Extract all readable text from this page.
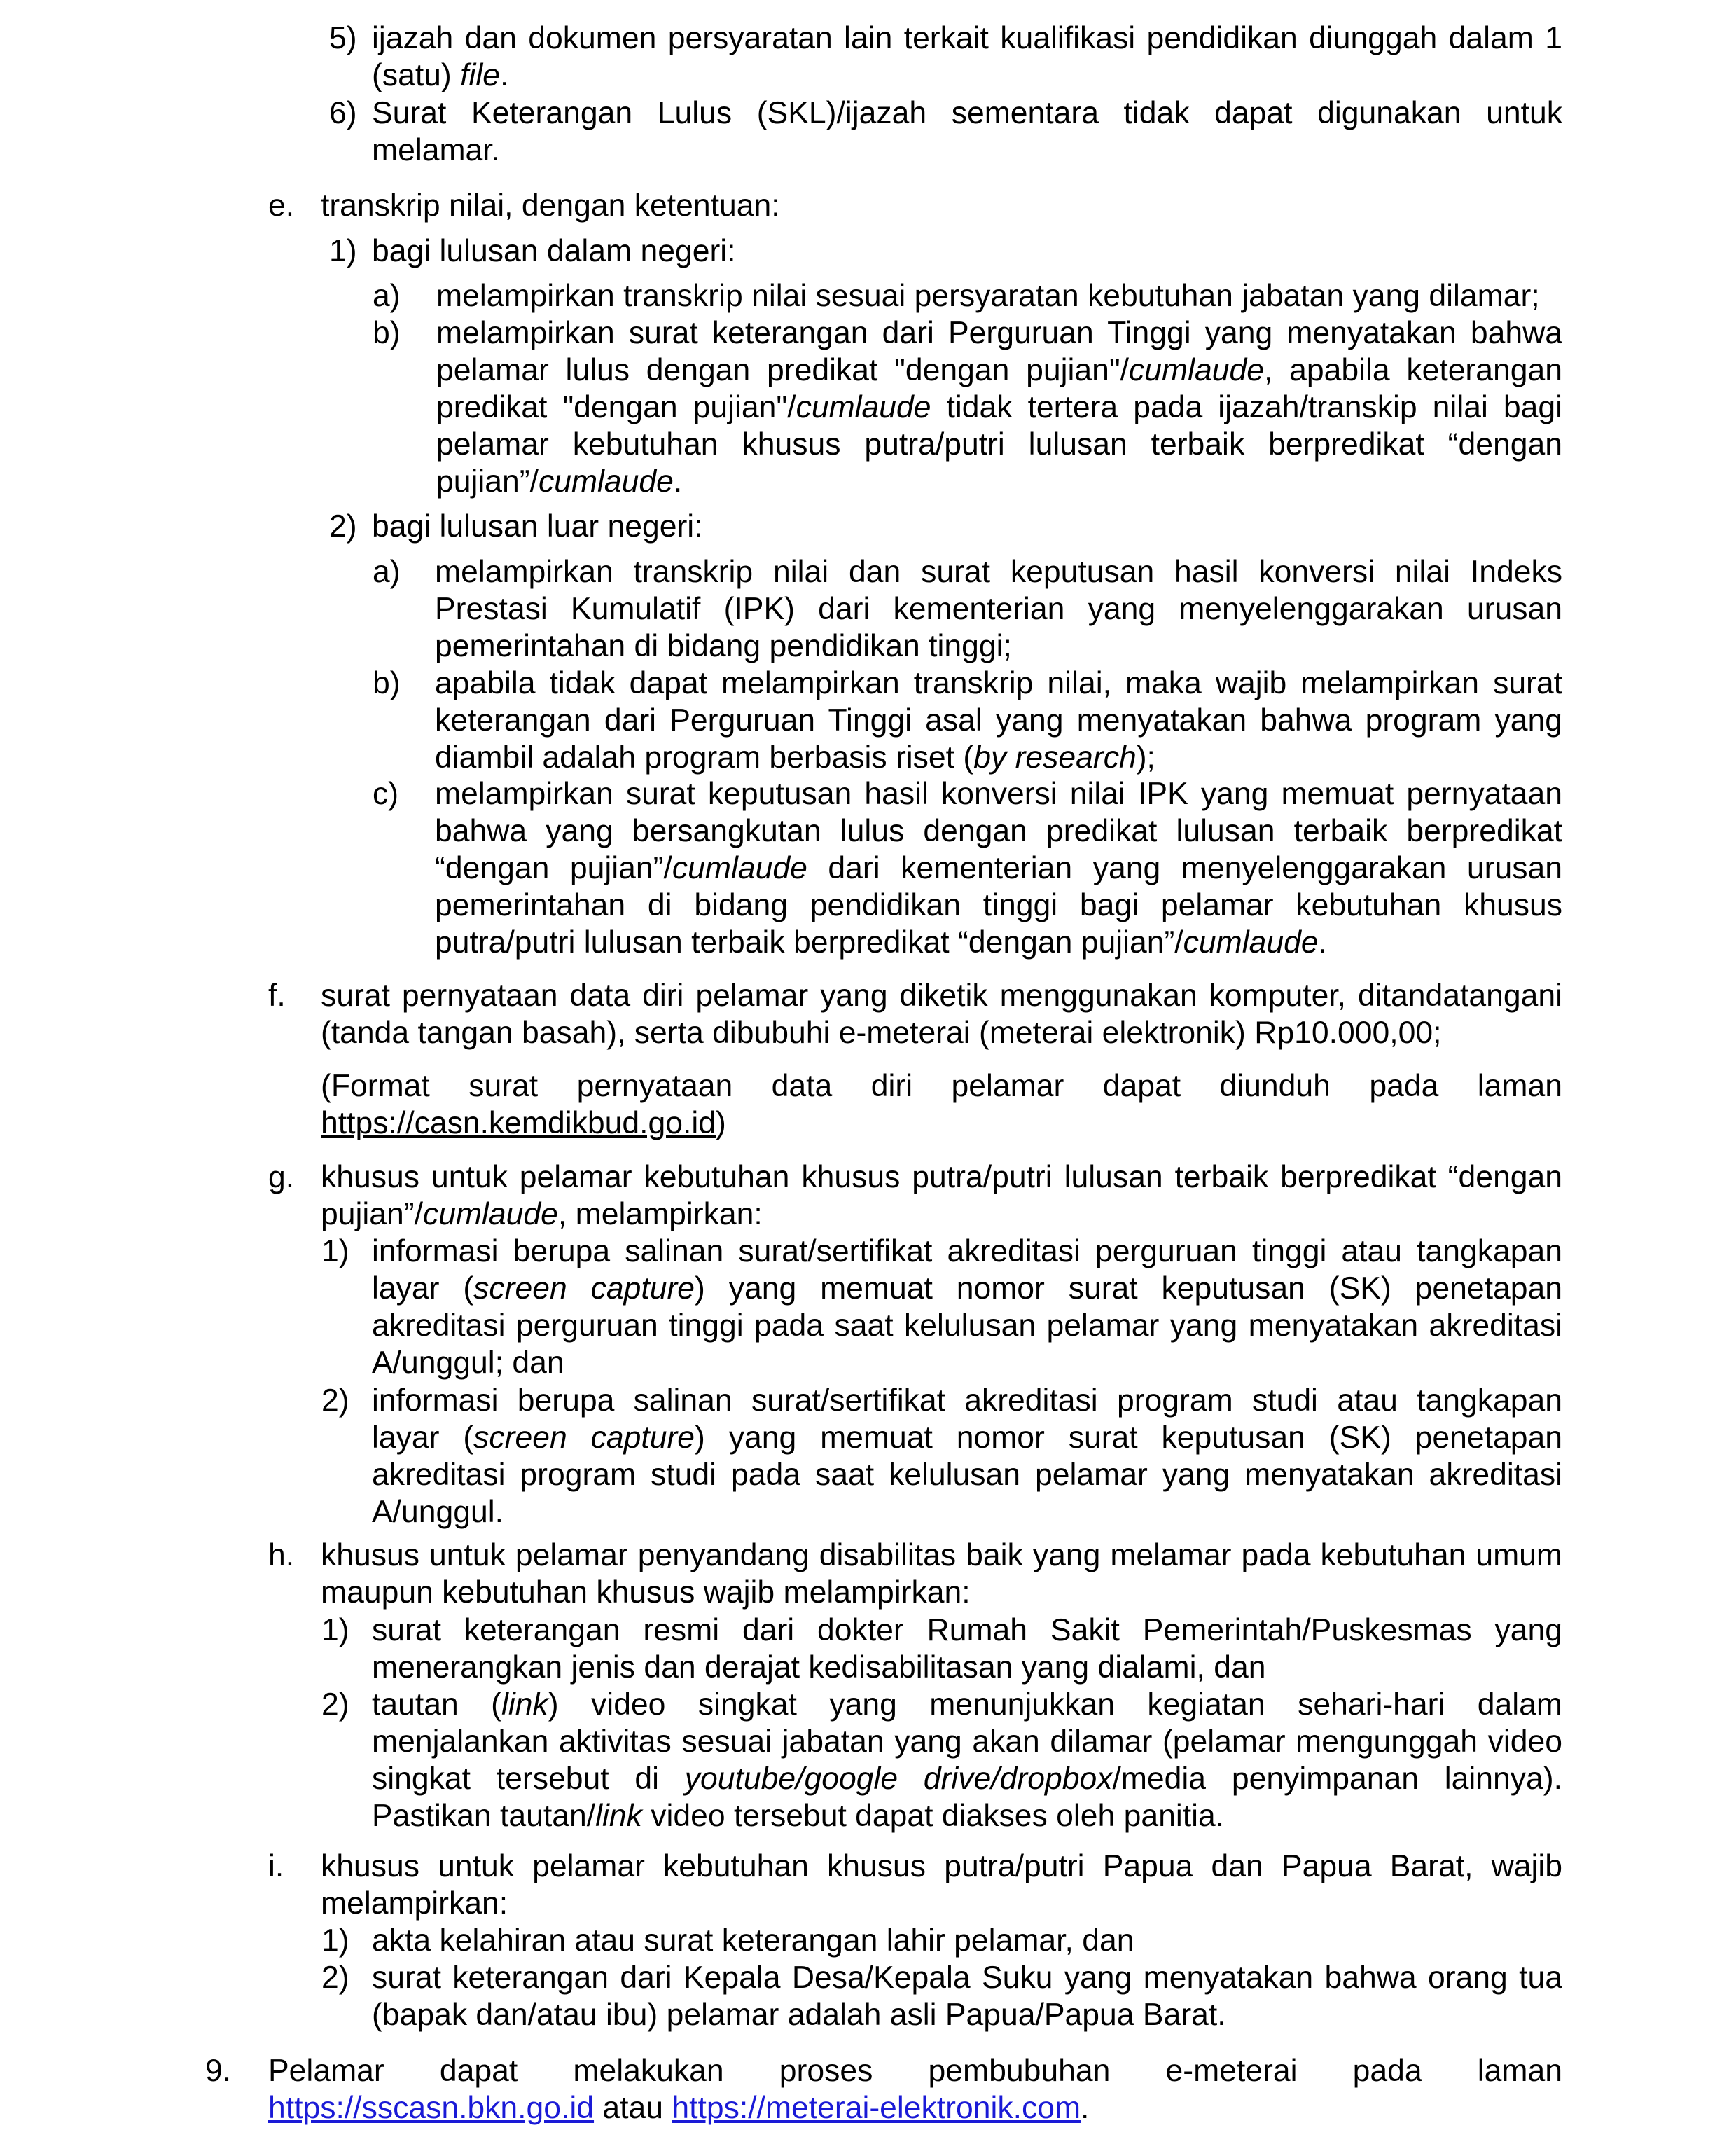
5) ijazah dan dokumen persyaratan lain terkait kualifikasi pendidikan diunggah dalam 1
(satu) file.
6) Surat Keterangan Lulus (SKL)/ijazah sementara tidak dapat digunakan untuk
melamar.
e. transkrip nilai, dengan ketentuan:
1) bagi lulusan dalam negeri:
a) melampirkan transkrip nilai sesuai persyaratan kebutuhan jabatan yang dilamar;
b) melampirkan surat keterangan dari Perguruan Tinggi yang menyatakan bahwa
pelamar lulus dengan predikat "dengan pujian"/cumlaude, apabila keterangan
predikat "dengan pujian"/cumlaude tidak tertera pada ijazah/transkip nilai bagi
pelamar kebutuhan khusus putra/putri lulusan terbaik berpredikat “dengan
pujian”/cumlaude.
2) bagi lulusan luar negeri:
a) melampirkan transkrip nilai dan surat keputusan hasil konversi nilai Indeks
Prestasi Kumulatif (IPK) dari kementerian yang menyelenggarakan urusan
pemerintahan di bidang pendidikan tinggi;
b) apabila tidak dapat melampirkan transkrip nilai, maka wajib melampirkan surat
keterangan dari Perguruan Tinggi asal yang menyatakan bahwa program yang
diambil adalah program berbasis riset (by research);
c) melampirkan surat keputusan hasil konversi nilai IPK yang memuat pernyataan
bahwa yang bersangkutan lulus dengan predikat lulusan terbaik berpredikat
“dengan pujian”/cumlaude dari kementerian yang menyelenggarakan urusan
pemerintahan di bidang pendidikan tinggi bagi pelamar kebutuhan khusus
putra/putri lulusan terbaik berpredikat “dengan pujian”/cumlaude.
f. surat pernyataan data diri pelamar yang diketik menggunakan komputer, ditandatangani
(tanda tangan basah), serta dibubuhi e-meterai (meterai elektronik) Rp10.000,00;
(Format surat pernyataan data diri pelamar dapat diunduh pada laman
https://casn.kemdikbud.go.id)
g. khusus untuk pelamar kebutuhan khusus putra/putri lulusan terbaik berpredikat “dengan
pujian”/cumlaude, melampirkan:
1) informasi berupa salinan surat/sertifikat akreditasi perguruan tinggi atau tangkapan
layar (screen capture) yang memuat nomor surat keputusan (SK) penetapan
akreditasi perguruan tinggi pada saat kelulusan pelamar yang menyatakan akreditasi
A/unggul; dan
2) informasi berupa salinan surat/sertifikat akreditasi program studi atau tangkapan
layar (screen capture) yang memuat nomor surat keputusan (SK) penetapan
akreditasi program studi pada saat kelulusan pelamar yang menyatakan akreditasi
A/unggul.
h. khusus untuk pelamar penyandang disabilitas baik yang melamar pada kebutuhan umum
maupun kebutuhan khusus wajib melampirkan:
1) surat keterangan resmi dari dokter Rumah Sakit Pemerintah/Puskesmas yang
menerangkan jenis dan derajat kedisabilitasan yang dialami, dan
2) tautan (link) video singkat yang menunjukkan kegiatan sehari-hari dalam
menjalankan aktivitas sesuai jabatan yang akan dilamar (pelamar mengunggah video
singkat tersebut di youtube/google drive/dropbox/media penyimpanan lainnya).
Pastikan tautan/link video tersebut dapat diakses oleh panitia.
i. khusus untuk pelamar kebutuhan khusus putra/putri Papua dan Papua Barat, wajib
melampirkan:
1) akta kelahiran atau surat keterangan lahir pelamar, dan
2) surat keterangan dari Kepala Desa/Kepala Suku yang menyatakan bahwa orang tua
(bapak dan/atau ibu) pelamar adalah asli Papua/Papua Barat.
9. Pelamar dapat melakukan proses pembubuhan e-meterai pada laman
https://sscasn.bkn.go.id atau https://meterai-elektronik.com.
